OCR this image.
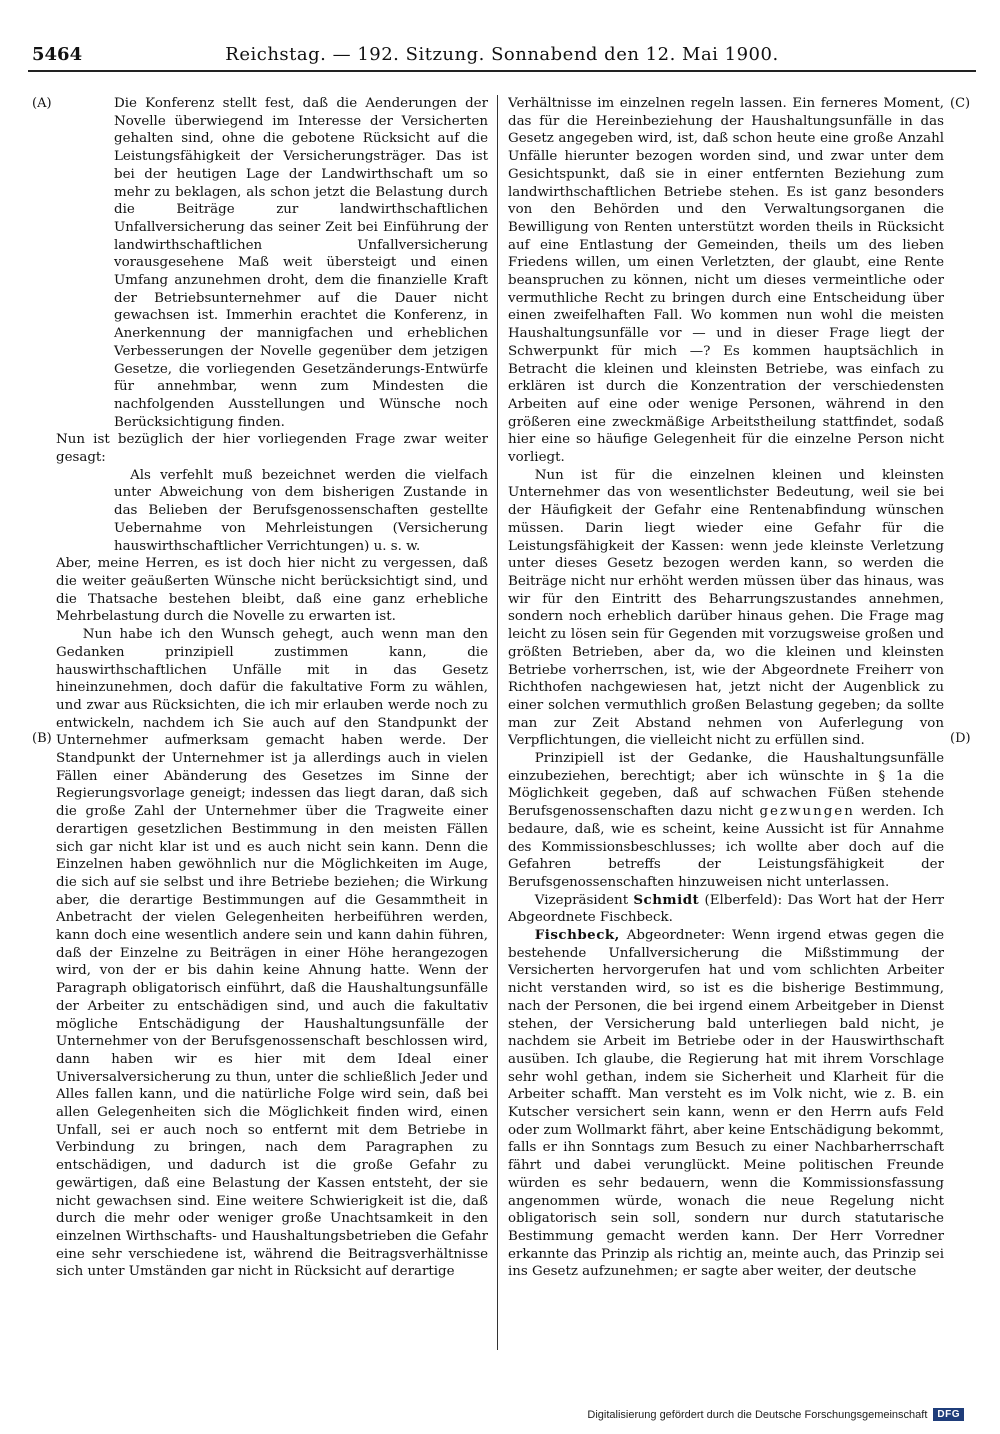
5464	Reichstag. — 192. Sitzung. Sonnabend den 12. Mai 1900.
(A)
(B)
(C)
(D)

Die Konferenz stellt fest, daß die Aenderungen der Novelle überwiegend im Interesse der Versicherten gehalten sind, ohne die gebotene Rücksicht auf die Leistungsfähigkeit der Versicherungsträger. Das ist bei der heutigen Lage der Landwirthschaft um so mehr zu beklagen, als schon jetzt die Belastung durch die Beiträge zur landwirthschaftlichen Unfallversicherung das seiner Zeit bei Einführung der landwirthschaftlichen Unfallversicherung vorausgesehene Maß weit übersteigt und einen Umfang anzunehmen droht, dem die finanzielle Kraft der Betriebsunternehmer auf die Dauer nicht gewachsen ist. Immerhin erachtet die Konferenz, in Anerkennung der mannigfachen und erheblichen Verbesserungen der Novelle gegenüber dem jetzigen Gesetze, die vorliegenden Gesetzänderungs-Entwürfe für annehmbar, wenn zum Mindesten die nachfolgenden Ausstellungen und Wünsche noch Berücksichtigung finden.

Nun ist bezüglich der hier vorliegenden Frage zwar weiter gesagt:

Als verfehlt muß bezeichnet werden die vielfach unter Abweichung von dem bisherigen Zustande in das Belieben der Berufsgenossenschaften gestellte Uebernahme von Mehrleistungen (Versicherung hauswirthschaftlicher Verrichtungen) u. s. w.

Aber, meine Herren, es ist doch hier nicht zu vergessen, daß die weiter geäußerten Wünsche nicht berücksichtigt sind, und die Thatsache bestehen bleibt, daß eine ganz erhebliche Mehrbelastung durch die Novelle zu erwarten ist.

Nun habe ich den Wunsch gehegt, auch wenn man den Gedanken prinzipiell zustimmen kann, die hauswirthschaftlichen Unfälle mit in das Gesetz hineinzunehmen, doch dafür die fakultative Form zu wählen, und zwar aus Rücksichten, die ich mir erlauben werde noch zu entwickeln, nachdem ich Sie auch auf den Standpunkt der Unternehmer aufmerksam gemacht haben werde. Der Standpunkt der Unternehmer ist ja allerdings auch in vielen Fällen einer Abänderung des Gesetzes im Sinne der Regierungsvorlage geneigt; indessen das liegt daran, daß sich die große Zahl der Unternehmer über die Tragweite einer derartigen gesetzlichen Bestimmung in den meisten Fällen sich gar nicht klar ist und es auch nicht sein kann. Denn die Einzelnen haben gewöhnlich nur die Möglichkeiten im Auge, die sich auf sie selbst und ihre Betriebe beziehen; die Wirkung aber, die derartige Bestimmungen auf die Gesammtheit in Anbetracht der vielen Gelegenheiten herbeiführen werden, kann doch eine wesentlich andere sein und kann dahin führen, daß der Einzelne zu Beiträgen in einer Höhe herangezogen wird, von der er bis dahin keine Ahnung hatte. Wenn der Paragraph obligatorisch einführt, daß die Haushaltungsunfälle der Arbeiter zu entschädigen sind, und auch die fakultativ mögliche Entschädigung der Haushaltungsunfälle der Unternehmer von der Berufsgenossenschaft beschlossen wird, dann haben wir es hier mit dem Ideal einer Universalversicherung zu thun, unter die schließlich Jeder und Alles fallen kann, und die natürliche Folge wird sein, daß bei allen Gelegenheiten sich die Möglichkeit finden wird, einen Unfall, sei er auch noch so entfernt mit dem Betriebe in Verbindung zu bringen, nach dem Paragraphen zu entschädigen, und dadurch ist die große Gefahr zu gewärtigen, daß eine Belastung der Kassen entsteht, der sie nicht gewachsen sind. Eine weitere Schwierigkeit ist die, daß durch die mehr oder weniger große Unachtsamkeit in den einzelnen Wirthschafts- und Haushaltungsbetrieben die Gefahr eine sehr verschiedene ist, während die Beitragsverhältnisse sich unter Umständen gar nicht in Rücksicht auf derartige

Verhältnisse im einzelnen regeln lassen. Ein ferneres Moment, das für die Hereinbeziehung der Haushaltungsunfälle in das Gesetz angegeben wird, ist, daß schon heute eine große Anzahl Unfälle hierunter bezogen worden sind, und zwar unter dem Gesichtspunkt, daß sie in einer entfernten Beziehung zum landwirthschaftlichen Betriebe stehen. Es ist ganz besonders von den Behörden und den Verwaltungsorganen die Bewilligung von Renten unterstützt worden theils in Rücksicht auf eine Entlastung der Gemeinden, theils um des lieben Friedens willen, um einen Verletzten, der glaubt, eine Rente beanspruchen zu können, nicht um dieses vermeintliche oder vermuthliche Recht zu bringen durch eine Entscheidung über einen zweifelhaften Fall. Wo kommen nun wohl die meisten Haushaltungsunfälle vor — und in dieser Frage liegt der Schwerpunkt für mich —? Es kommen hauptsächlich in Betracht die kleinen und kleinsten Betriebe, was einfach zu erklären ist durch die Konzentration der verschiedensten Arbeiten auf eine oder wenige Personen, während in den größeren eine zweckmäßige Arbeitstheilung stattfindet, sodaß hier eine so häufige Gelegenheit für die einzelne Person nicht vorliegt.

Nun ist für die einzelnen kleinen und kleinsten Unternehmer das von wesentlichster Bedeutung, weil sie bei der Häufigkeit der Gefahr eine Rentenabfindung wünschen müssen. Darin liegt wieder eine Gefahr für die Leistungsfähigkeit der Kassen: wenn jede kleinste Verletzung unter dieses Gesetz bezogen werden kann, so werden die Beiträge nicht nur erhöht werden müssen über das hinaus, was wir für den Eintritt des Beharrungszustandes annehmen, sondern noch erheblich darüber hinaus gehen. Die Frage mag leicht zu lösen sein für Gegenden mit vorzugsweise großen und größten Betrieben, aber da, wo die kleinen und kleinsten Betriebe vorherrschen, ist, wie der Abgeordnete Freiherr von Richthofen nachgewiesen hat, jetzt nicht der Augenblick zu einer solchen vermuthlich großen Belastung gegeben; da sollte man zur Zeit Abstand nehmen von Auferlegung von Verpflichtungen, die vielleicht nicht zu erfüllen sind.

Prinzipiell ist der Gedanke, die Haushaltungsunfälle einzubeziehen, berechtigt; aber ich wünschte in § 1a die Möglichkeit gegeben, daß auf schwachen Füßen stehende Berufsgenossenschaften dazu nicht gezwungen werden. Ich bedaure, daß, wie es scheint, keine Aussicht ist für Annahme des Kommissionsbeschlusses; ich wollte aber doch auf die Gefahren betreffs der Leistungsfähigkeit der Berufsgenossenschaften hinzuweisen nicht unterlassen.

Vizepräsident Schmidt (Elberfeld): Das Wort hat der Herr Abgeordnete Fischbeck.

Fischbeck, Abgeordneter: Wenn irgend etwas gegen die bestehende Unfallversicherung die Mißstimmung der Versicherten hervorgerufen hat und vom schlichten Arbeiter nicht verstanden wird, so ist es die bisherige Bestimmung, nach der Personen, die bei irgend einem Arbeitgeber in Dienst stehen, der Versicherung bald unterliegen bald nicht, je nachdem sie Arbeit im Betriebe oder in der Hauswirthschaft ausüben. Ich glaube, die Regierung hat mit ihrem Vorschlage sehr wohl gethan, indem sie Sicherheit und Klarheit für die Arbeiter schafft. Man versteht es im Volk nicht, wie z. B. ein Kutscher versichert sein kann, wenn er den Herrn aufs Feld oder zum Wollmarkt fährt, aber keine Entschädigung bekommt, falls er ihn Sonntags zum Besuch zu einer Nachbarherrschaft fährt und dabei verunglückt. Meine politischen Freunde würden es sehr bedauern, wenn die Kommissionsfassung angenommen würde, wonach die neue Regelung nicht obligatorisch sein soll, sondern nur durch statutarische Bestimmung gemacht werden kann. Der Herr Vorredner erkannte das Prinzip als richtig an, meinte auch, das Prinzip sei ins Gesetz aufzunehmen; er sagte aber weiter, der deutsche

Digitalisierung gefördert durch die Deutsche Forschungsgemeinschaft	DFG
